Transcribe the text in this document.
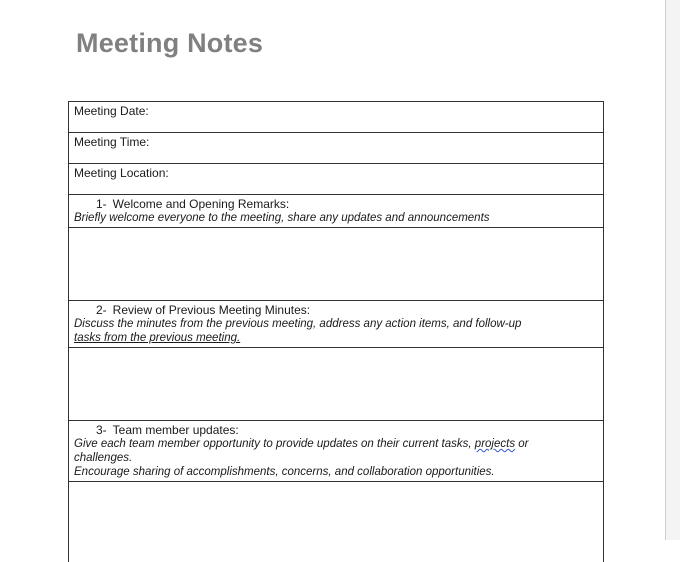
Meeting Notes
Meeting Date:
Meeting Time:
Meeting Location:

1- Welcome and Opening Remarks:
Briefly welcome everyone to the meeting, share any updates and announcements

2- Review of Previous Meeting Minutes:
Discuss the minutes from the previous meeting, address any action items, and follow-up
tasks from the previous meeting.

3- Team member updates:
Give each team member opportunity to provide updates on their current tasks, projects or
challenges.
Encourage sharing of accomplishments, concerns, and collaboration opportunities.
